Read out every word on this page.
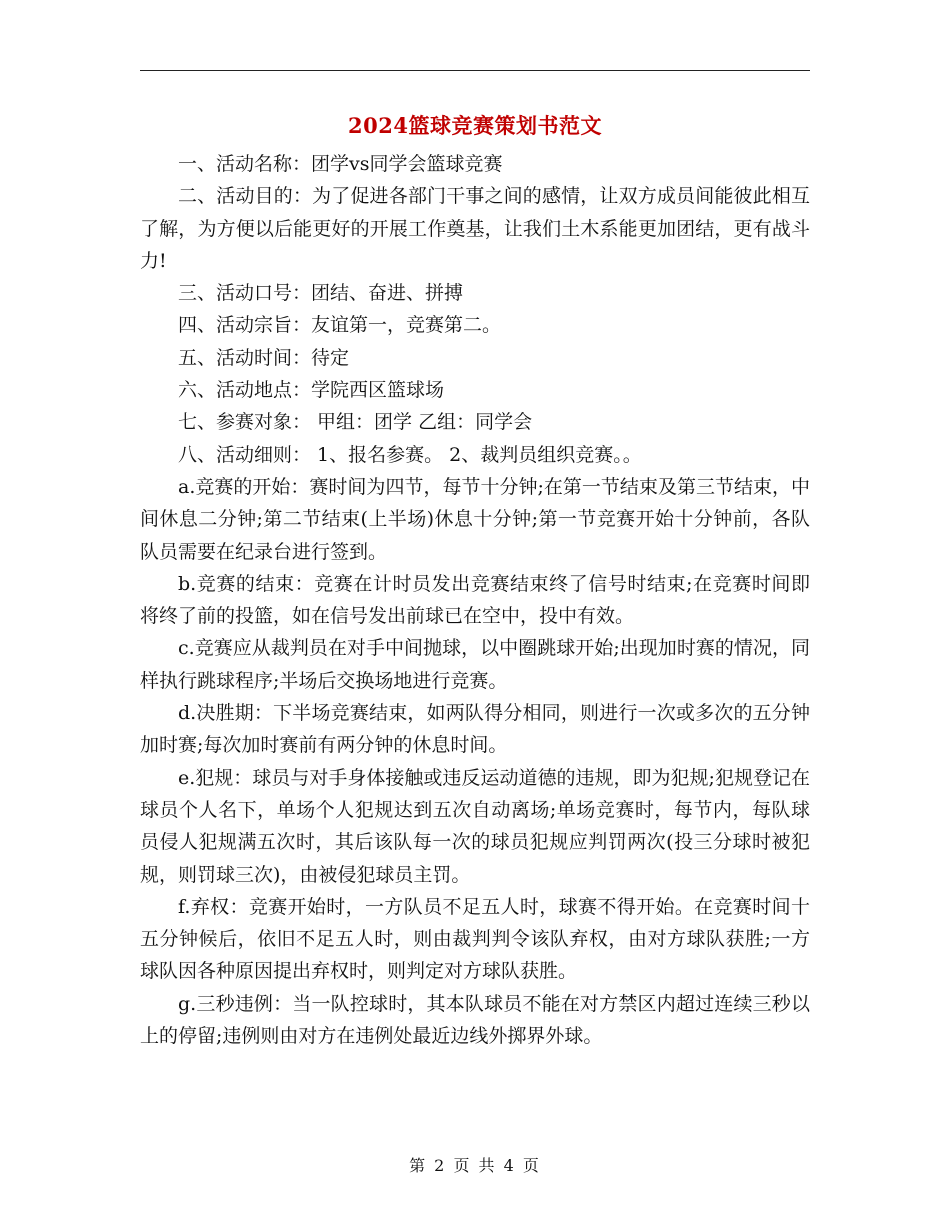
2024篮球竞赛策划书范文

一、活动名称：团学vs同学会篮球竞赛

二、活动目的：为了促进各部门干事之间的感情，让双方成员间能彼此相互了解，为方便以后能更好的开展工作奠基，让我们土木系能更加团结，更有战斗力!

三、活动口号：团结、奋进、拼搏

四、活动宗旨：友谊第一，竞赛第二。

五、活动时间：待定

六、活动地点：学院西区篮球场

七、参赛对象： 甲组：团学 乙组：同学会

八、活动细则： 1、报名参赛。 2、裁判员组织竞赛。。

a.竞赛的开始：赛时间为四节，每节十分钟;在第一节结束及第三节结束，中间休息二分钟;第二节结束(上半场)休息十分钟;第一节竞赛开始十分钟前，各队队员需要在纪录台进行签到。

b.竞赛的结束：竞赛在计时员发出竞赛结束终了信号时结束;在竞赛时间即将终了前的投篮，如在信号发出前球已在空中，投中有效。

c.竞赛应从裁判员在对手中间抛球，以中圈跳球开始;出现加时赛的情况，同样执行跳球程序;半场后交换场地进行竞赛。

d.决胜期：下半场竞赛结束，如两队得分相同，则进行一次或多次的五分钟加时赛;每次加时赛前有两分钟的休息时间。

e.犯规：球员与对手身体接触或违反运动道德的违规，即为犯规;犯规登记在球员个人名下，单场个人犯规达到五次自动离场;单场竞赛时，每节内，每队球员侵人犯规满五次时，其后该队每一次的球员犯规应判罚两次(投三分球时被犯规，则罚球三次)，由被侵犯球员主罚。

f.弃权：竞赛开始时，一方队员不足五人时，球赛不得开始。在竞赛时间十五分钟候后，依旧不足五人时，则由裁判判令该队弃权，由对方球队获胜;一方球队因各种原因提出弃权时，则判定对方球队获胜。

g.三秒违例：当一队控球时，其本队球员不能在对方禁区内超过连续三秒以上的停留;违例则由对方在违例处最近边线外掷界外球。

第 2 页 共 4 页
